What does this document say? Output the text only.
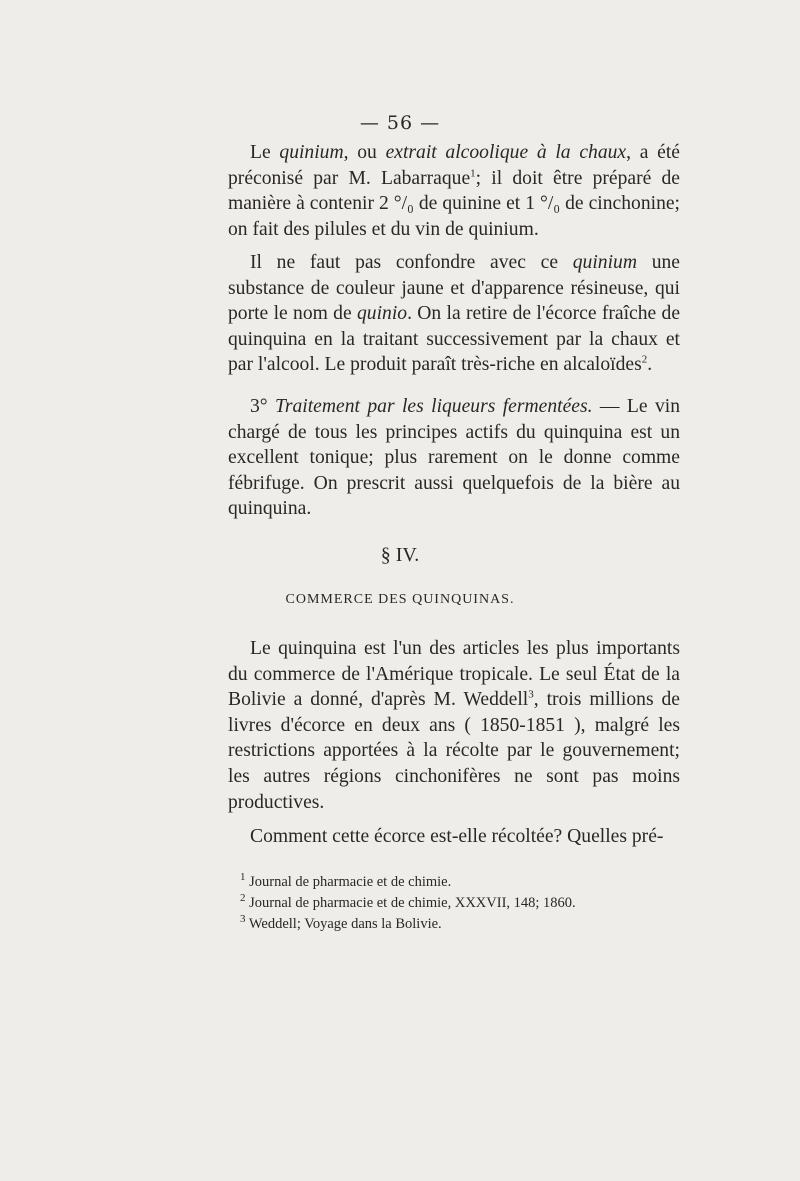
— 56 —

Le quinium, ou extrait alcoolique à la chaux, a été préconisé par M. Labarraque$^1$; il doit être préparé de manière à contenir 2 °/₀ de quinine et 1 °/₀ de cinchonine; on fait des pilules et du vin de quinium.

Il ne faut pas confondre avec ce quinium une substance de couleur jaune et d'apparence résineuse, qui porte le nom de quinio. On la retire de l'écorce fraîche de quinquina en la traitant successivement par la chaux et par l'alcool. Le produit paraît très-riche en alcaloïdes$^2$.

3° Traitement par les liqueurs fermentées. — Le vin chargé de tous les principes actifs du quinquina est un excellent tonique; plus rarement on le donne comme fébrifuge. On prescrit aussi quelquefois de la bière au quinquina.

§ IV.

COMMERCE DES QUINQUINAS.

Le quinquina est l'un des articles les plus importants du commerce de l'Amérique tropicale. Le seul État de la Bolivie a donné, d'après M. Weddell$^3$, trois millions de livres d'écorce en deux ans ( 1850-1851 ), malgré les restrictions apportées à la récolte par le gouvernement; les autres régions cinchonifères ne sont pas moins productives.

Comment cette écorce est-elle récoltée? Quelles pré-

$^1$ Journal de pharmacie et de chimie.

$^2$ Journal de pharmacie et de chimie, XXXVII, 148; 1860.

$^3$ Weddell; Voyage dans la Bolivie.
